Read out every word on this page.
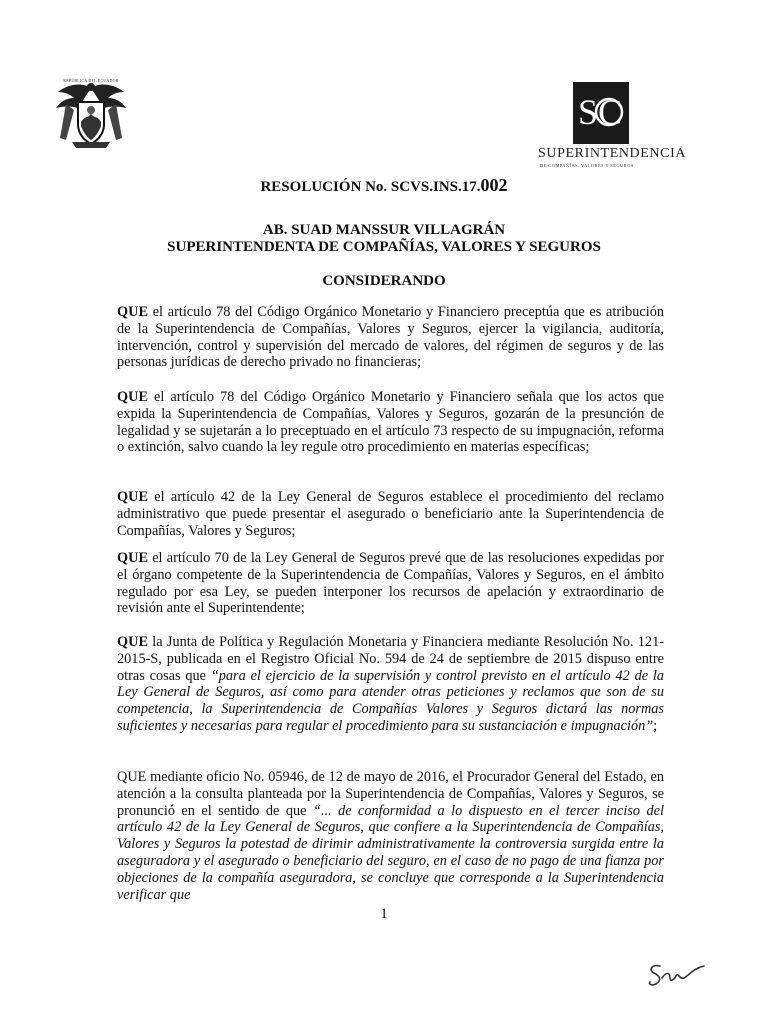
REPÚBLICA DEL ECUADOR
SC
SUPERINTENDENCIA
DE COMPAÑÍAS, VALORES Y SEGUROS
RESOLUCIÓN No. SCVS.INS.17.002
AB. SUAD MANSSUR VILLAGRÁN
SUPERINTENDENTA DE COMPAÑÍAS, VALORES Y SEGUROS
CONSIDERANDO

QUE el artículo 78 del Código Orgánico Monetario y Financiero preceptúa que es atribución de la Superintendencia de Compañías, Valores y Seguros, ejercer la vigilancia, auditoría, intervención, control y supervisión del mercado de valores, del régimen de seguros y de las personas jurídicas de derecho privado no financieras;

QUE el artículo 78 del Código Orgánico Monetario y Financiero señala que los actos que expida la Superintendencia de Compañías, Valores y Seguros, gozarán de la presunción de legalidad y se sujetarán a lo preceptuado en el artículo 73 respecto de su impugnación, reforma o extinción, salvo cuando la ley regule otro procedimiento en materias específicas;

QUE el artículo 42 de la Ley General de Seguros establece el procedimiento del reclamo administrativo que puede presentar el asegurado o beneficiario ante la Superintendencia de Compañías, Valores y Seguros;

QUE el artículo 70 de la Ley General de Seguros prevé que de las resoluciones expedidas por el órgano competente de la Superintendencia de Compañías, Valores y Seguros, en el ámbito regulado por esa Ley, se pueden interponer los recursos de apelación y extraordinario de revisión ante el Superintendente;

QUE la Junta de Política y Regulación Monetaria y Financiera mediante Resolución No. 121-2015-S, publicada en el Registro Oficial No. 594 de 24 de septiembre de 2015 dispuso entre otras cosas que “para el ejercicio de la supervisión y control previsto en el artículo 42 de la Ley General de Seguros, así como para atender otras peticiones y reclamos que son de su competencia, la Superintendencia de Compañías Valores y Seguros dictará las normas suficientes y necesarias para regular el procedimiento para su sustanciación e impugnación”;

QUE mediante oficio No. 05946, de 12 de mayo de 2016, el Procurador General del Estado, en atención a la consulta planteada por la Superintendencia de Compañías, Valores y Seguros, se pronunció en el sentido de que “... de conformidad a lo dispuesto en el tercer inciso del artículo 42 de la Ley General de Seguros, que confiere a la Superintendencia de Compañías, Valores y Seguros la potestad de dirimir administrativamente la controversia surgida entre la aseguradora y el asegurado o beneficiario del seguro, en el caso de no pago de una fianza por objeciones de la compañía aseguradora, se concluye que corresponde a la Superintendencia verificar que

1
